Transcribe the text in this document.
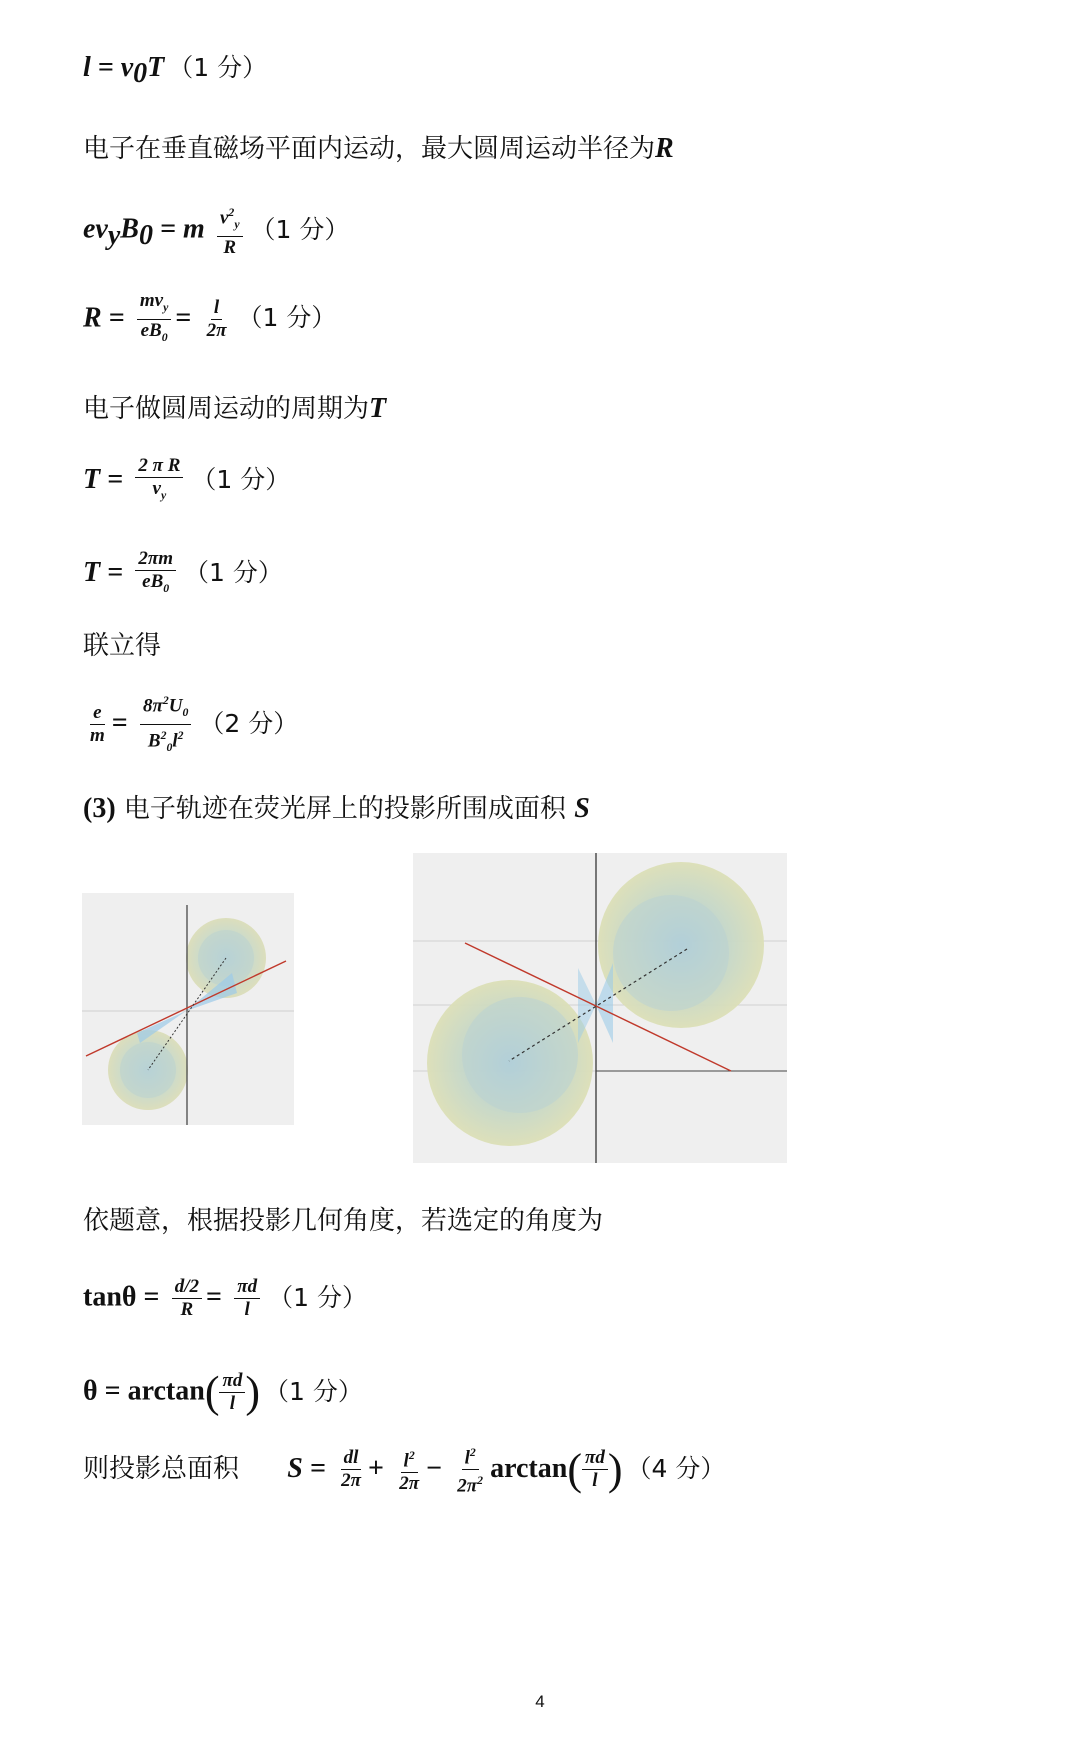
$l = v_0T$ （1 分）
电子在垂直磁场平面内运动，最大圆周运动半径为R
$ev_yB_0 = m \frac{v^2_y}{R} (1$ 分）
$R = \frac{mv_y}{eB_0} = \frac{l}{2\pi} (1$ 分）
电子做圆周运动的周期为T
$T = \frac{\text{2 π R}}{v_y} (1$ 分）
$T = \frac{2\pi m}{eB_0} (1$ 分）
联立得
$\frac{e}{m} = \frac{8\pi^2U_0}{B^2_0l^2} (2$ 分）
(3) 电子轨迹在荧光屏上的投影所围成面积 S
依题意，根据投影几何角度，若选定的角度为
$\tan\theta = \frac{d/2}{R} = \frac{\pi d}{l} (1$ 分）
$\theta = \arctan( \frac{\pi d}{l}$ ) （1 分）
则投影总面积 $S = \frac{dl}{2\pi} + \frac{l^2}{2\pi} - \frac{l^2}{2\pi^2} \arctan( \frac{\pi d}{l}$ ) （4 分）
4
